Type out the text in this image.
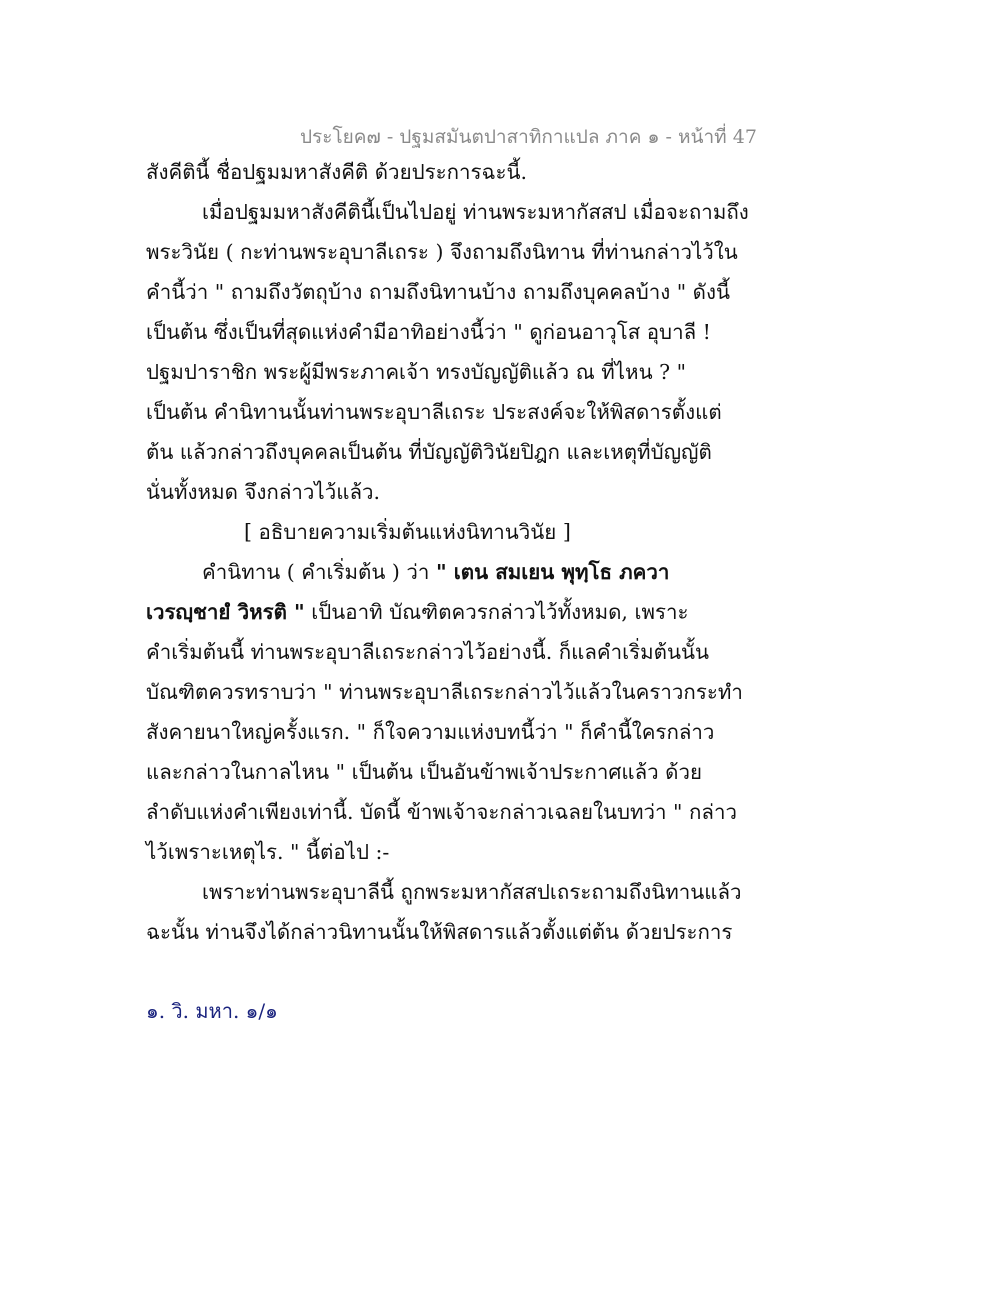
ประโยค๗ - ปฐมสมันตปาสาทิกาแปล ภาค ๑ - หน้าที่ 47
สังคีตินี้ ชื่อปฐมมหาสังคีติ ด้วยประการฉะนี้.
เมื่อปฐมมหาสังคีตินี้เป็นไปอยู่ ท่านพระมหากัสสป เมื่อจะถามถึง
พระวินัย ( กะท่านพระอุบาลีเถระ ) จึงถามถึงนิทาน ที่ท่านกล่าวไว้ใน
คำนี้ว่า " ถามถึงวัตถุบ้าง ถามถึงนิทานบ้าง ถามถึงบุคคลบ้าง " ดังนี้
เป็นต้น ซึ่งเป็นที่สุดแห่งคำมีอาทิอย่างนี้ว่า " ดูก่อนอาวุโส อุบาลี !
ปฐมปาราชิก พระผู้มีพระภาคเจ้า ทรงบัญญัติแล้ว ณ ที่ไหน ? "
เป็นต้น คำนิทานนั้นท่านพระอุบาลีเถระ ประสงค์จะให้พิสดารตั้งแต่
ต้น แล้วกล่าวถึงบุคคลเป็นต้น ที่บัญญัติวินัยปิฎก และเหตุที่บัญญัติ
นั่นทั้งหมด จึงกล่าวไว้แล้ว.
[ อธิบายความเริ่มต้นแห่งนิทานวินัย ]
คำนิทาน ( คำเริ่มต้น ) ว่า " เตน สมเยน พุทฺโธ ภควา
เวรญฺชายํ วิหรติ " เป็นอาทิ บัณฑิตควรกล่าวไว้ทั้งหมด, เพราะ
คำเริ่มต้นนี้ ท่านพระอุบาลีเถระกล่าวไว้อย่างนี้. ก็แลคำเริ่มต้นนั้น
บัณฑิตควรทราบว่า " ท่านพระอุบาลีเถระกล่าวไว้แล้วในคราวกระทำ
สังคายนาใหญ่ครั้งแรก. " ก็ใจความแห่งบทนี้ว่า " ก็คำนี้ใครกล่าว
และกล่าวในกาลไหน " เป็นต้น เป็นอันข้าพเจ้าประกาศแล้ว ด้วย
ลำดับแห่งคำเพียงเท่านี้. บัดนี้ ข้าพเจ้าจะกล่าวเฉลยในบทว่า " กล่าว
ไว้เพราะเหตุไร. " นี้ต่อไป :-
เพราะท่านพระอุบาลีนี้ ถูกพระมหากัสสปเถระถามถึงนิทานแล้ว
ฉะนั้น ท่านจึงได้กล่าวนิทานนั้นให้พิสดารแล้วตั้งแต่ต้น ด้วยประการ
๑. วิ. มหา. ๑/๑
